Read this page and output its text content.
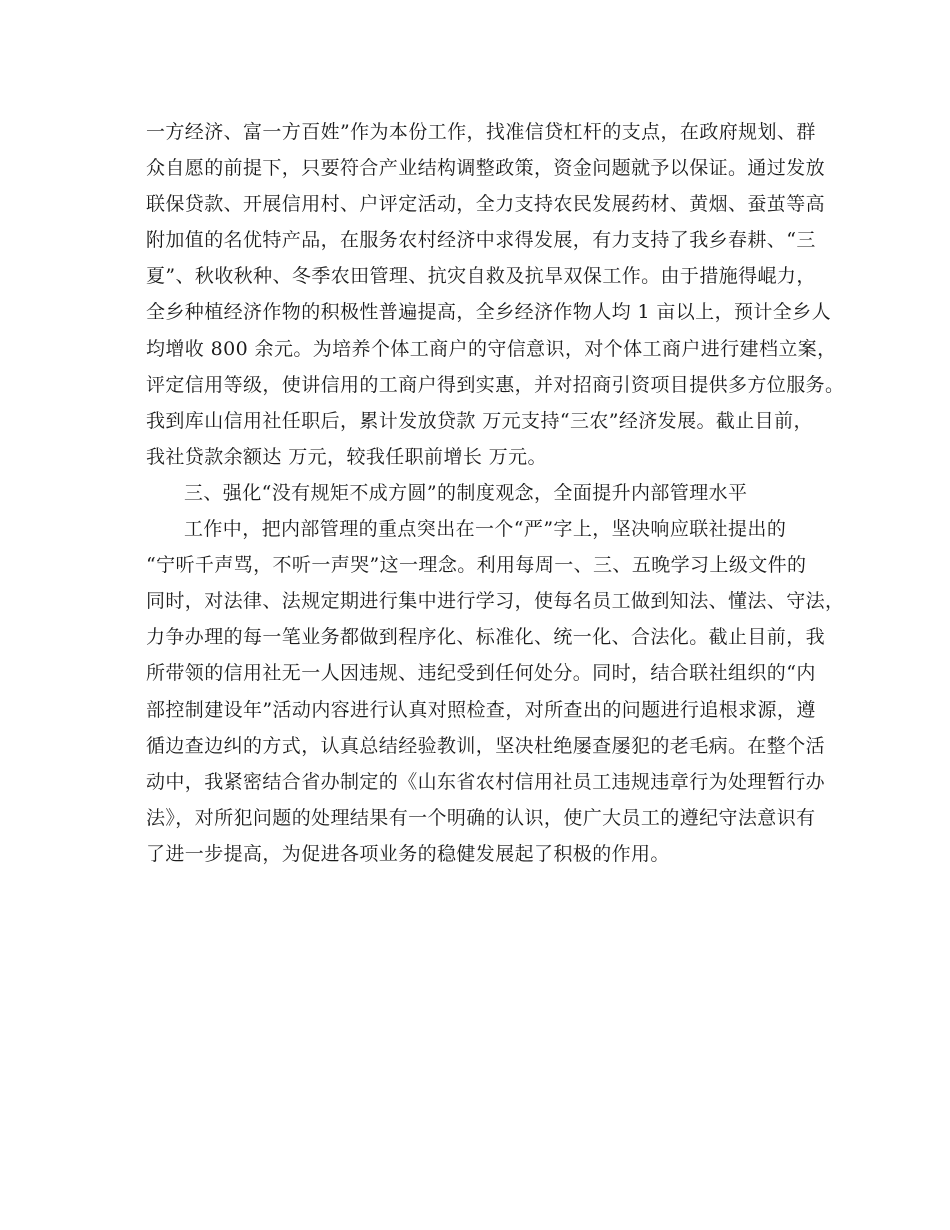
一方经济、富一方百姓”作为本份工作，找准信贷杠杆的支点，在政府规划、群
众自愿的前提下，只要符合产业结构调整政策，资金问题就予以保证。通过发放
联保贷款、开展信用村、户评定活动，全力支持农民发展药材、黄烟、蚕茧等高
附加值的名优特产品，在服务农村经济中求得发展，有力支持了我乡春耕、“三
夏”、秋收秋种、冬季农田管理、抗灾自救及抗旱双保工作。由于措施得崐力，
全乡种植经济作物的积极性普遍提高，全乡经济作物人均 1 亩以上，预计全乡人
均增收 800 余元。为培养个体工商户的守信意识，对个体工商户进行建档立案，
评定信用等级，使讲信用的工商户得到实惠，并对招商引资项目提供多方位服务。
我到库山信用社任职后，累计发放贷款 万元支持“三农”经济发展。截止目前，
我社贷款余额达 万元，较我任职前增长 万元。
三、强化“没有规矩不成方圆”的制度观念，全面提升内部管理水平
工作中，把内部管理的重点突出在一个“严”字上，坚决响应联社提出的
“宁听千声骂，不听一声哭”这一理念。利用每周一、三、五晚学习上级文件的
同时，对法律、法规定期进行集中进行学习，使每名员工做到知法、懂法、守法，
力争办理的每一笔业务都做到程序化、标准化、统一化、合法化。截止目前，我
所带领的信用社无一人因违规、违纪受到任何处分。同时，结合联社组织的“内
部控制建设年”活动内容进行认真对照检查，对所查出的问题进行追根求源，遵
循边查边纠的方式，认真总结经验教训，坚决杜绝屡查屡犯的老毛病。在整个活
动中，我紧密结合省办制定的《山东省农村信用社员工违规违章行为处理暂行办
法》，对所犯问题的处理结果有一个明确的认识，使广大员工的遵纪守法意识有
了进一步提高，为促进各项业务的稳健发展起了积极的作用。
